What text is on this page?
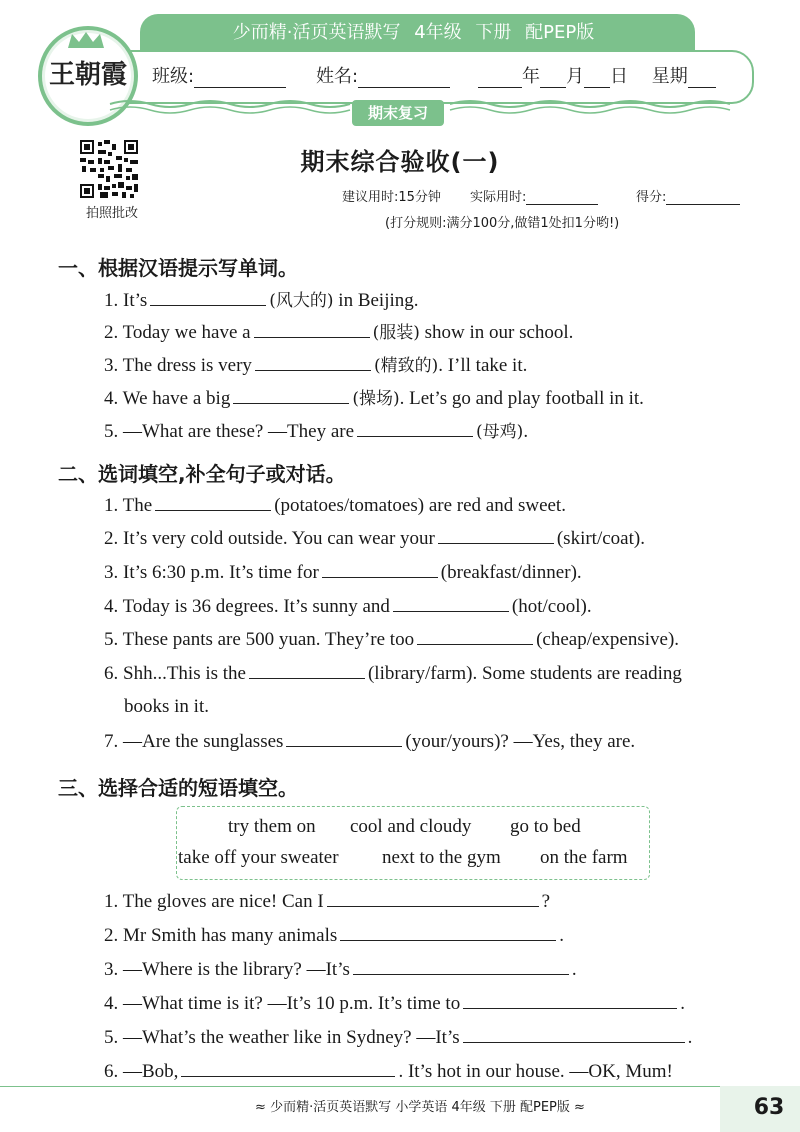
少而精·活页英语默写 4年级 下册 配PEP版
班级:	姓名:	年 月 日 星期
王朝霞
期末复习
拍照批改
期末综合验收(一)
建议用时:15分钟 实际用时:	得分:
(打分规则:满分100分,做错1处扣1分哟!)
一、根据汉语提示写单词。
1. It’s	(风大的) in Beijing.
2. Today we have a	(服装) show in our school.
3. The dress is very	(精致的). I’ll take it.
4. We have a big	(操场). Let’s go and play football in it.
5. —What are these? —They are	(母鸡).
二、选词填空,补全句子或对话。
1. The	(potatoes/tomatoes) are red and sweet.
2. It’s very cold outside. You can wear your	(skirt/coat).
3. It’s 6:30 p.m. It’s time for	(breakfast/dinner).
4. Today is 36 degrees. It’s sunny and	(hot/cool).
5. These pants are 500 yuan. They’re too	(cheap/expensive).
6. Shh...This is the	(library/farm). Some students are reading
books in it.
7. —Are the sunglasses	(your/yours)? —Yes, they are.
三、选择合适的短语填空。
try them on cool and cloudy go to bed
take off your sweater next to the gym on the farm
1. The gloves are nice! Can I	?
2. Mr Smith has many animals	.
3. —Where is the library? —It’s	.
4. —What time is it? —It’s 10 p.m. It’s time to	.
5. —What’s the weather like in Sydney? —It’s	.
6. —Bob,	. It’s hot in our house. —OK, Mum!
≈ 少而精·活页英语默写 小学英语 4年级 下册 配PEP版 ≈	63
